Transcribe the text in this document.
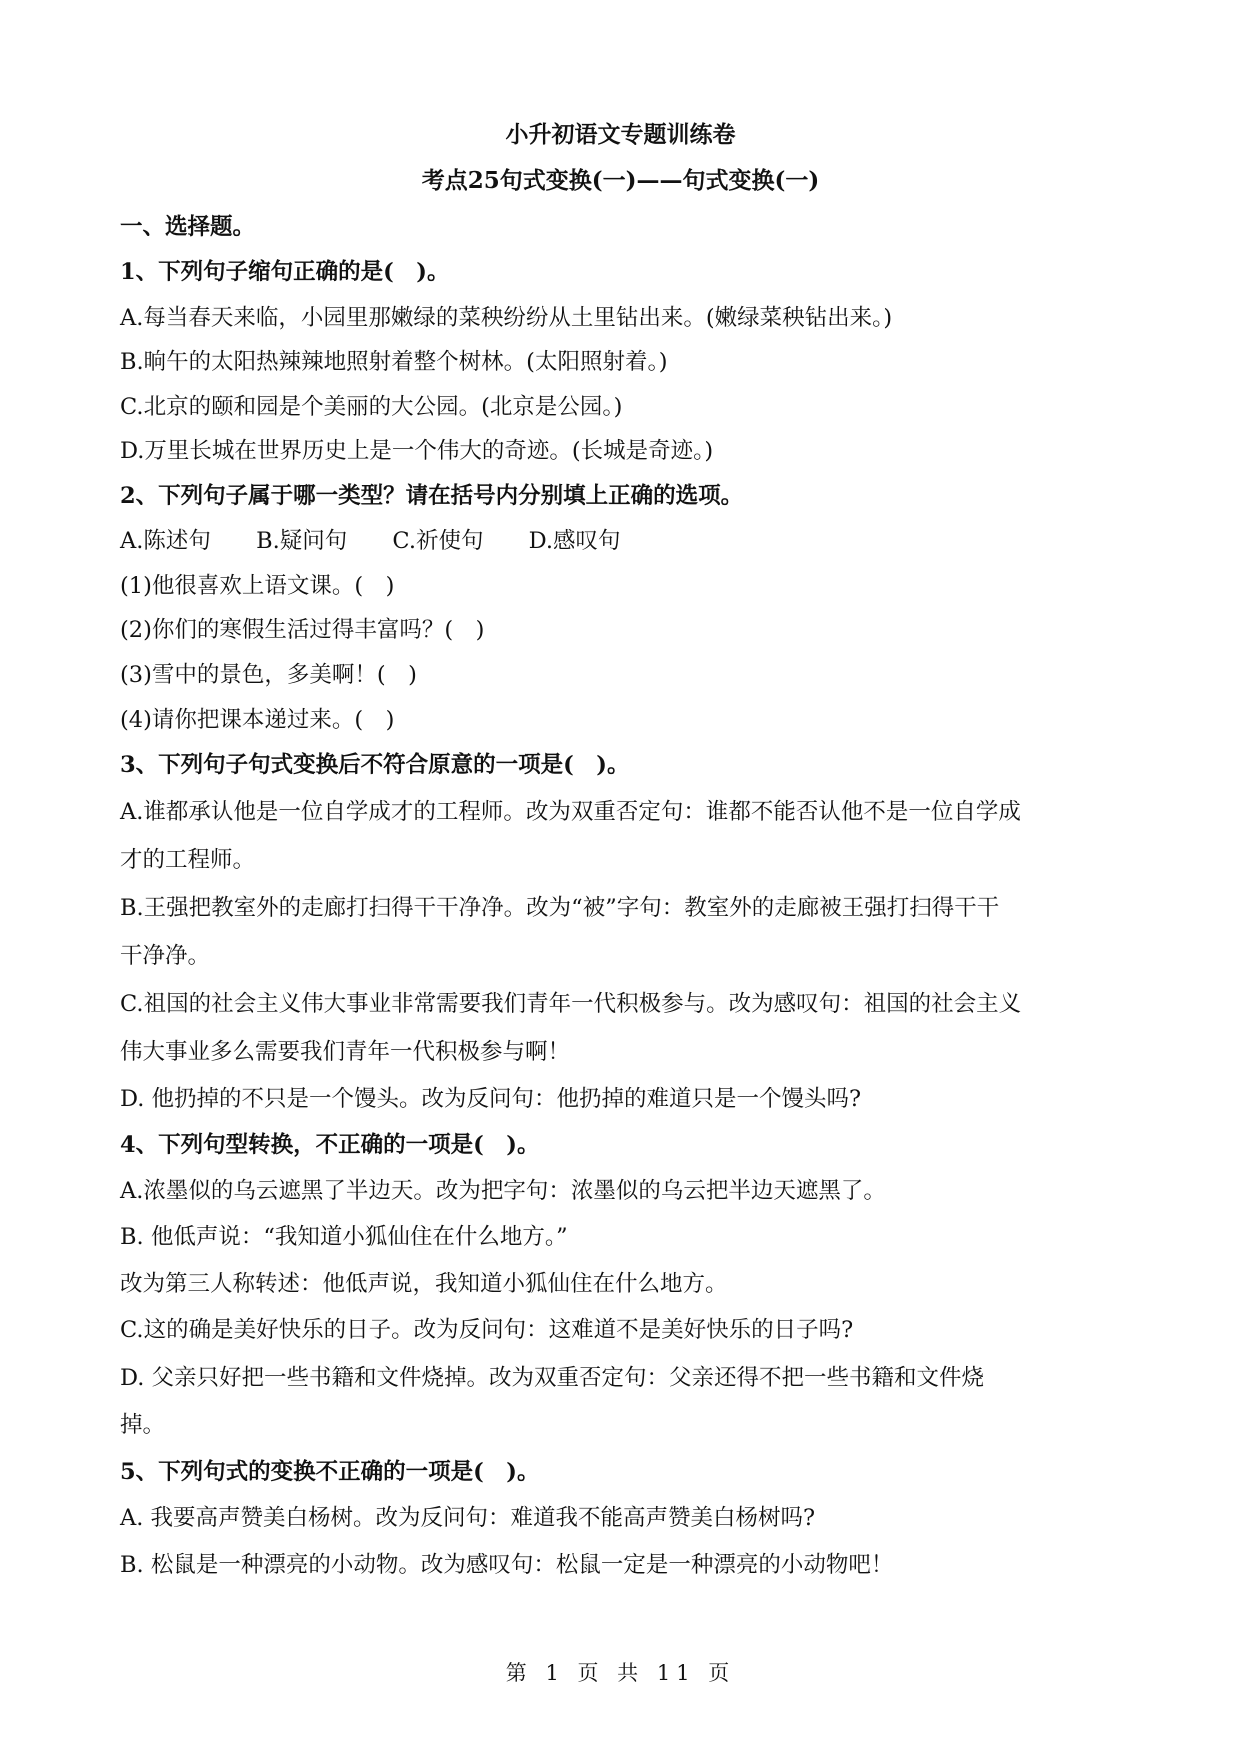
小升初语文专题训练卷
考点25句式变换(一)——句式变换(一)
一、选择题。
1、下列句子缩句正确的是(　)。
A.每当春天来临，小园里那嫩绿的菜秧纷纷从土里钻出来。(嫩绿菜秧钻出来。)
B.晌午的太阳热辣辣地照射着整个树林。(太阳照射着。)
C.北京的颐和园是个美丽的大公园。(北京是公园。)
D.万里长城在世界历史上是一个伟大的奇迹。(长城是奇迹。)
2、下列句子属于哪一类型？请在括号内分别填上正确的选项。
A.陈述句 B.疑问句 C.祈使句 D.感叹句
(1)他很喜欢上语文课。(　)
(2)你们的寒假生活过得丰富吗？(　)
(3)雪中的景色，多美啊！(　)
(4)请你把课本递过来。(　)
3、下列句子句式变换后不符合原意的一项是(　)。
A.谁都承认他是一位自学成才的工程师。改为双重否定句：谁都不能否认他不是一位自学成
才的工程师。
B.王强把教室外的走廊打扫得干干净净。改为“被”字句：教室外的走廊被王强打扫得干干
干净净。
C.祖国的社会主义伟大事业非常需要我们青年一代积极参与。改为感叹句：祖国的社会主义
伟大事业多么需要我们青年一代积极参与啊！
D. 他扔掉的不只是一个馒头。改为反问句：他扔掉的难道只是一个馒头吗?
4、下列句型转换，不正确的一项是(　)。
A.浓墨似的乌云遮黑了半边天。改为把字句：浓墨似的乌云把半边天遮黑了。
B. 他低声说：“我知道小狐仙住在什么地方。”
改为第三人称转述：他低声说，我知道小狐仙住在什么地方。
C.这的确是美好快乐的日子。改为反问句：这难道不是美好快乐的日子吗?
D. 父亲只好把一些书籍和文件烧掉。改为双重否定句：父亲还得不把一些书籍和文件烧
掉。
5、下列句式的变换不正确的一项是(　)。
A. 我要高声赞美白杨树。改为反问句：难道我不能高声赞美白杨树吗?
B. 松鼠是一种漂亮的小动物。改为感叹句：松鼠一定是一种漂亮的小动物吧！
第 1 页 共 11 页
